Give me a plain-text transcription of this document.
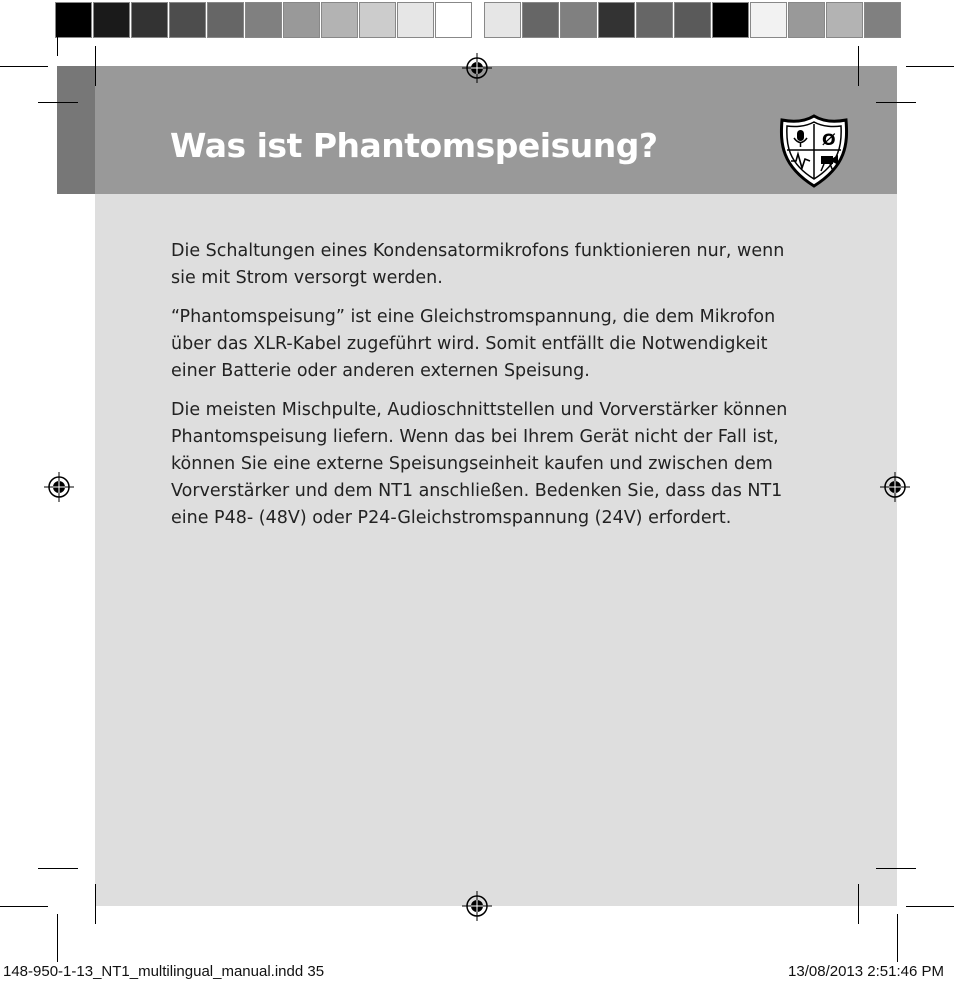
Was ist Phantomspeisung?	Ø

Die Schaltungen eines Kondensatormikrofons funktionieren nur, wenn sie mit Strom versorgt werden.

“Phantomspeisung” ist eine Gleichstromspannung, die dem Mikrofon über das XLR-Kabel zugeführt wird. Somit entfällt die Notwendigkeit einer Batterie oder anderen externen Speisung.

Die meisten Mischpulte, Audioschnittstellen und Vorverstärker können Phantomspeisung liefern. Wenn das bei Ihrem Gerät nicht der Fall ist, können Sie eine externe Speisungseinheit kaufen und zwischen dem Vorverstärker und dem NT1 anschließen. Bedenken Sie, dass das NT1 eine P48- (48V) oder P24-Gleichstromspannung (24V) erfordert.

148-950-1-13_NT1_multilingual_manual.indd 35	13/08/2013 2:51:46 PM
